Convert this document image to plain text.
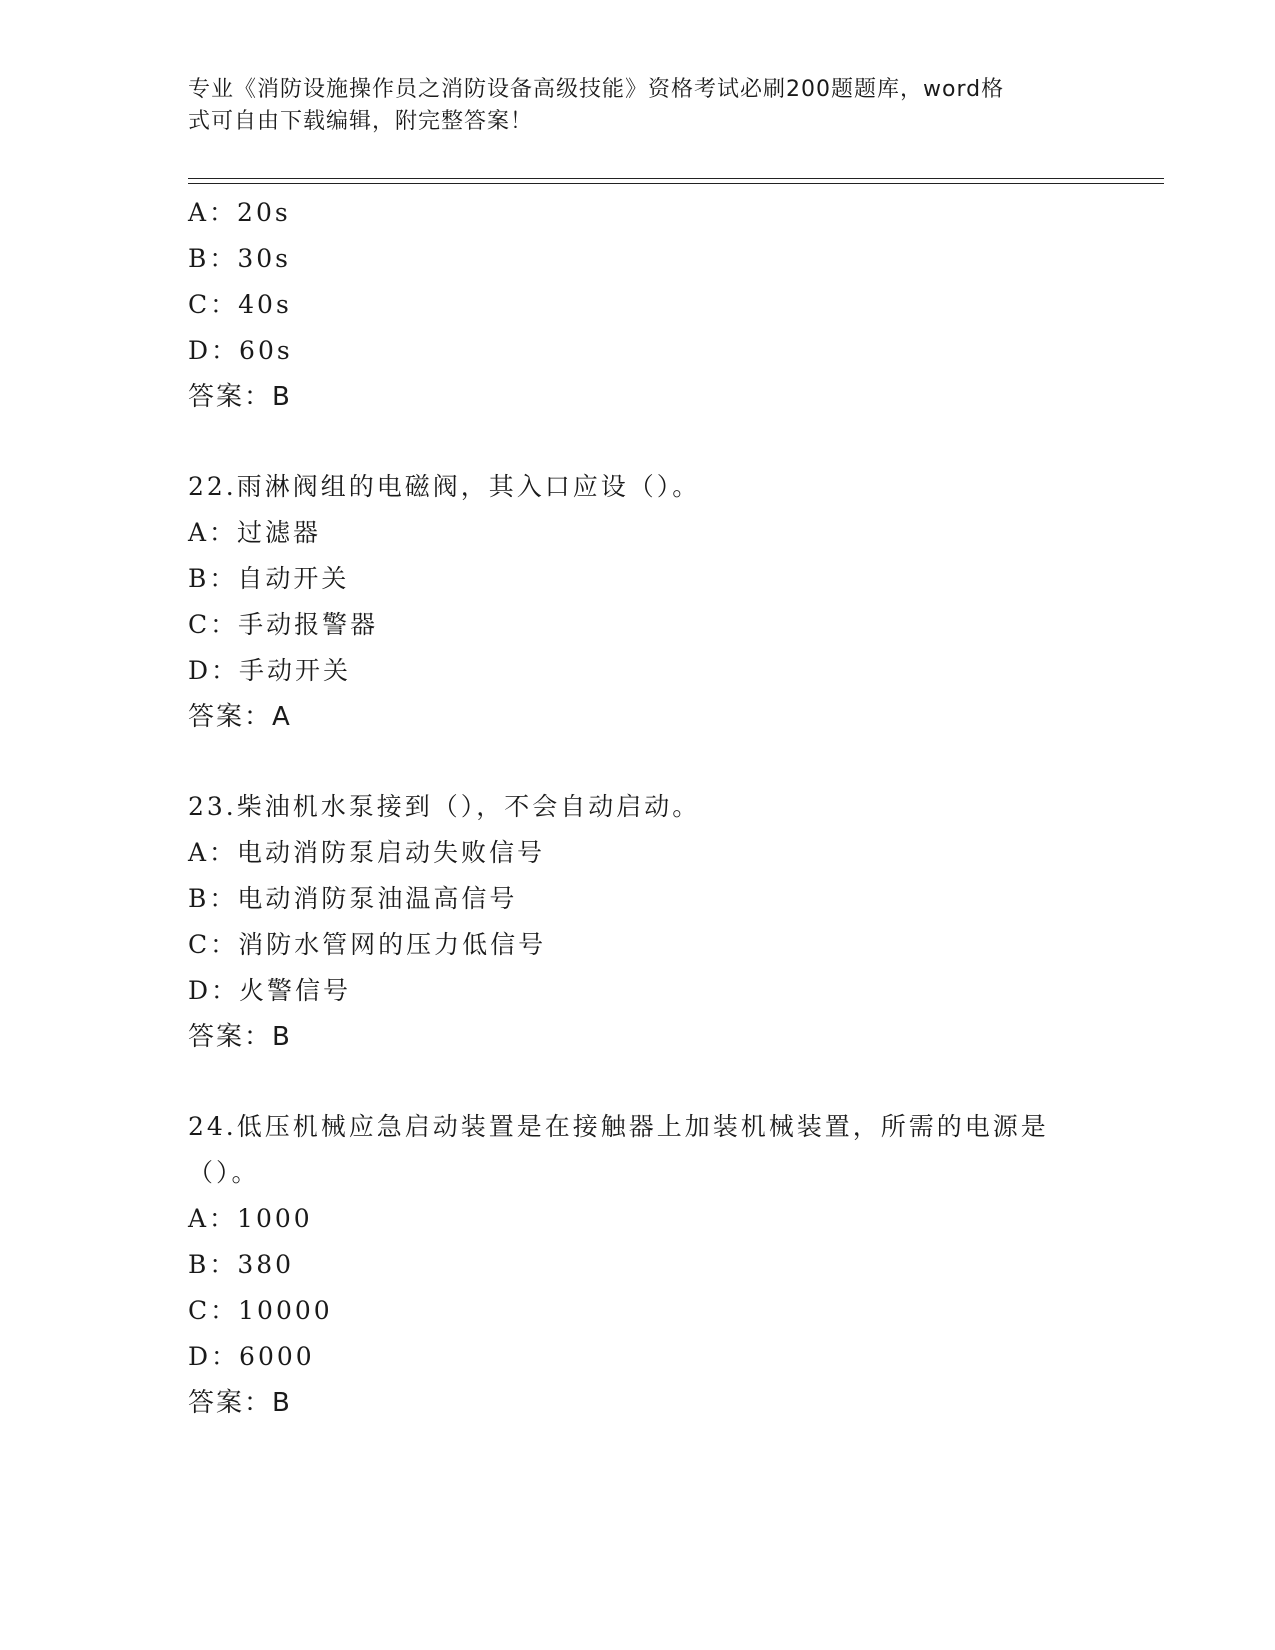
专业《消防设施操作员之消防设备高级技能》资格考试必刷200题题库，word格
式可自由下载编辑，附完整答案！
A：20s
B：30s
C：40s
D：60s
答案：B
22.雨淋阀组的电磁阀，其入口应设（）。
A：过滤器
B：自动开关
C：手动报警器
D：手动开关
答案：A
23.柴油机水泵接到（），不会自动启动。
A：电动消防泵启动失败信号
B：电动消防泵油温高信号
C：消防水管网的压力低信号
D：火警信号
答案：B
24.低压机械应急启动装置是在接触器上加装机械装置，所需的电源是
（）。
A：1000
B：380
C：10000
D：6000
答案：B
